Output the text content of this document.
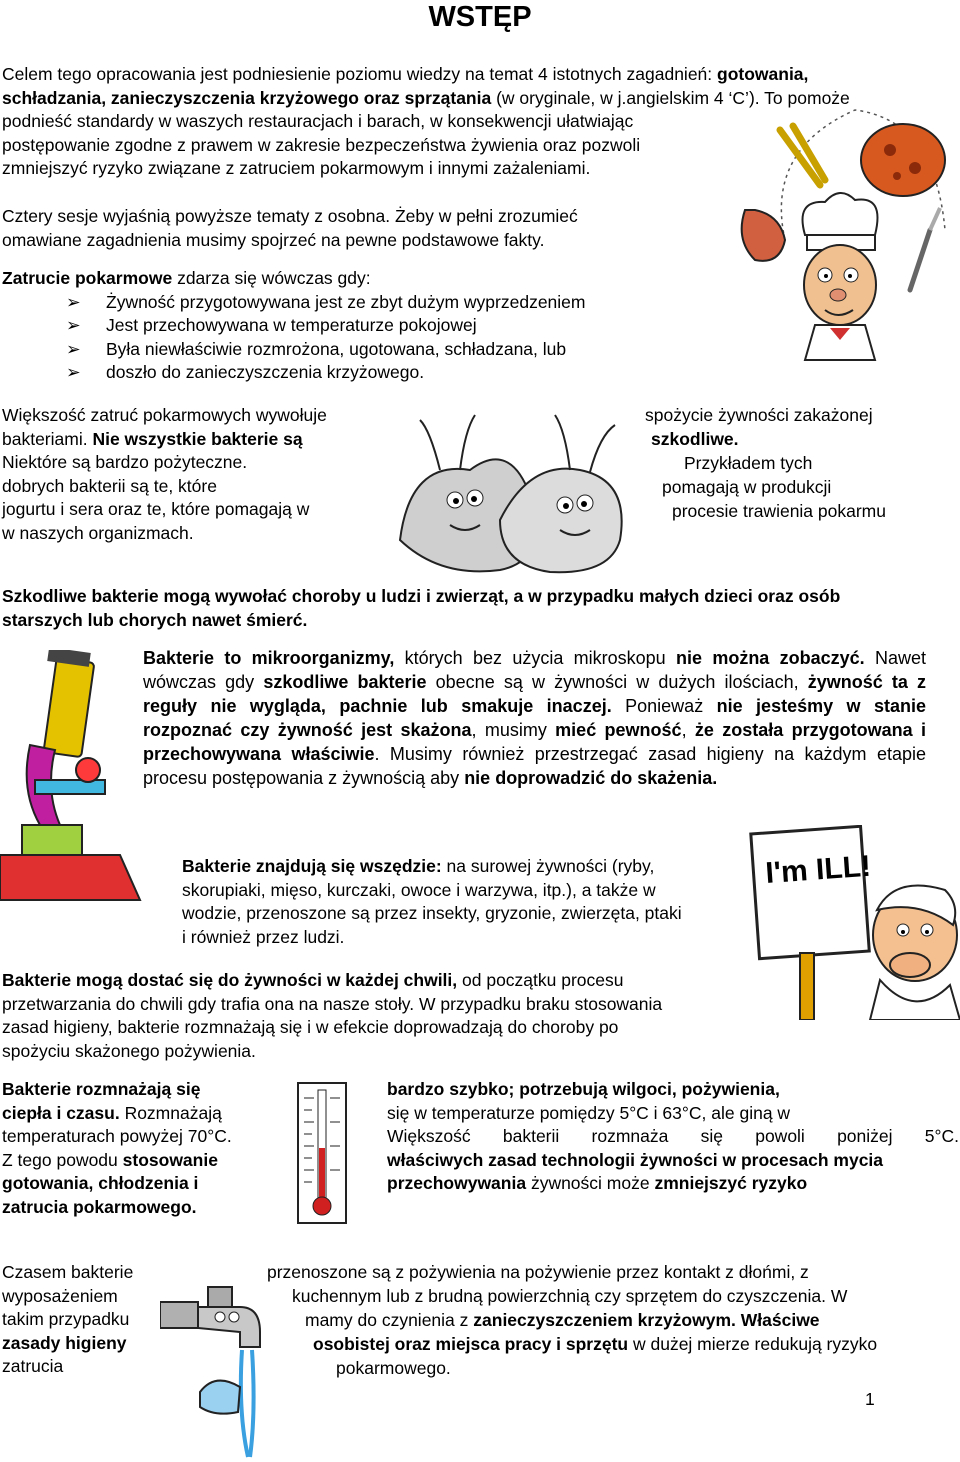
WSTĘP

Celem tego opracowania jest podniesienie poziomu wiedzy na temat 4 istotnych zagadnień: gotowania,

schładzania, zanieczyszczenia krzyżowego oraz sprzątania (w oryginale, w j.angielskim 4 ‘C’). To pomoże

podnieść standardy w waszych restauracjach i barach, w konsekwencji ułatwiając

postępowanie zgodne z prawem w zakresie bezpeczeństwa żywienia oraz pozwoli

zmniejszyć ryzyko związane z zatruciem pokarmowym i innymi zażaleniami.

Cztery sesje wyjaśnią powyższe tematy z osobna. Żeby w pełni zrozumieć

omawiane zagadnienia musimy spojrzeć na pewne podstawowe fakty.

Zatrucie pokarmowe zdarza się wówczas gdy:

➢ Żywność przygotowywana jest ze zbyt dużym wyprzedzeniem
➢ Jest przechowywana w temperaturze pokojowej
➢ Była niewłaściwie rozmrożona, ugotowana, schładzana, lub
➢ doszło do zanieczyszczenia krzyżowego.

Większość zatruć pokarmowych wywołuje

bakteriami. Nie wszystkie bakterie są

Niektóre są bardzo pożyteczne.

dobrych bakterii są te, które

jogurtu i sera oraz te, które pomagają w

w naszych organizmach.

spożycie żywności zakażonej
szkodliwe.
Przykładem tych
pomagają w produkcji
procesie trawienia pokarmu

Szkodliwe bakterie mogą wywołać choroby u ludzi i zwierząt, a w przypadku małych dzieci oraz osób

starszych lub chorych nawet śmierć.

Bakterie to mikroorganizmy, których bez użycia mikroskopu nie można zobaczyć. Nawet wówczas gdy szkodliwe bakterie obecne są w żywności w dużych ilościach, żywność ta z reguły nie wygląda, pachnie lub smakuje inaczej. Ponieważ nie jesteśmy w stanie rozpoznać czy żywność jest skażona, musimy mieć pewność, że została przygotowana i przechowywana właściwie. Musimy również przestrzegać zasad higieny na każdym etapie procesu postępowania z żywnością aby nie doprowadzić do skażenia.

Bakterie znajdują się wszędzie: na surowej żywności (ryby,

skorupiaki, mięso, kurczaki, owoce i warzywa, itp.), a także w

wodzie, przenoszone są przez insekty, gryzonie, zwierzęta, ptaki

i również przez ludzi.

Bakterie mogą dostać się do żywności w każdej chwili, od początku procesu

przetwarzania do chwili gdy trafia ona na nasze stoły. W przypadku braku stosowania

zasad higieny, bakterie rozmnażają się i w efekcie doprowadzają do choroby po

spożyciu skażonego pożywienia.

Bakterie rozmnażają się

ciepła i czasu. Rozmnażają

temperaturach powyżej 70°C.

Z tego powodu stosowanie

gotowania, chłodzenia i

zatrucia pokarmowego.

bardzo szybko; potrzebują wilgoci, pożywienia,

się w temperaturze pomiędzy 5°C i 63°C, ale giną w

Większość bakterii rozmnaża się powoli poniżej 5°C.

właściwych zasad technologii żywności w procesach mycia

przechowywania żywności może zmniejszyć ryzyko

Czasem bakterie

wyposażeniem

takim przypadku

zasady higieny

zatrucia

przenoszone są z pożywienia na pożywienie przez kontakt z dłońmi, z
kuchennym lub z brudną powierzchnią czy sprzętem do czyszczenia. W
mamy do czynienia z zanieczyszczeniem krzyżowym. Właściwe
osobistej oraz miejsca pracy i sprzętu w dużej mierze redukują ryzyko
pokarmowego.
1
I'm ILL!
